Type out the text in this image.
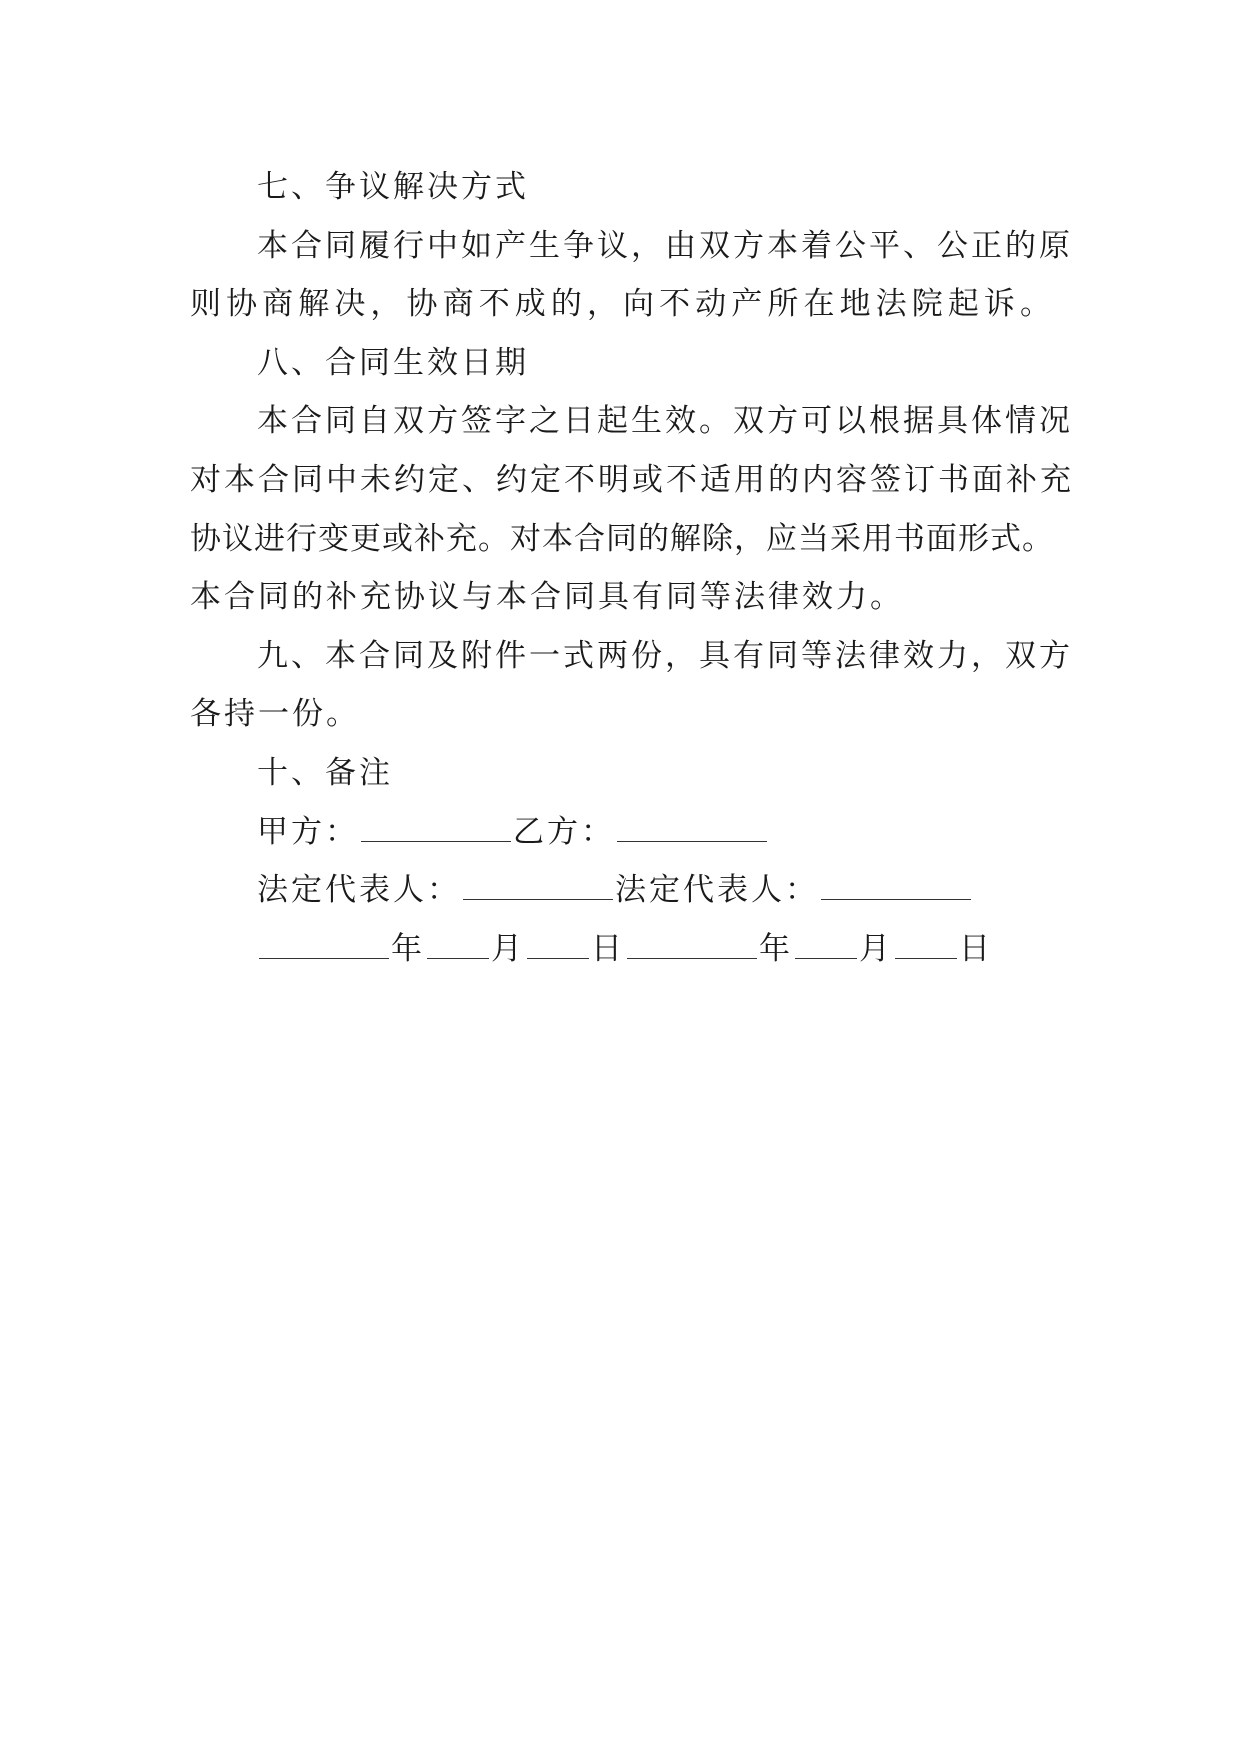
七、争议解决方式
本合同履行中如产生争议，由双方本着公平、公正的原
则协商解决，协商不成的，向不动产所在地法院起诉。
八、合同生效日期
本合同自双方签字之日起生效。双方可以根据具体情况
对本合同中未约定、约定不明或不适用的内容签订书面补充
协议进行变更或补充。对本合同的解除，应当采用书面形式。
本合同的补充协议与本合同具有同等法律效力。
九、本合同及附件一式两份，具有同等法律效力，双方
各持一份。
十、备注
甲方：	乙方：
法定代表人：	法定代表人：
年 月 日	年 月 日
